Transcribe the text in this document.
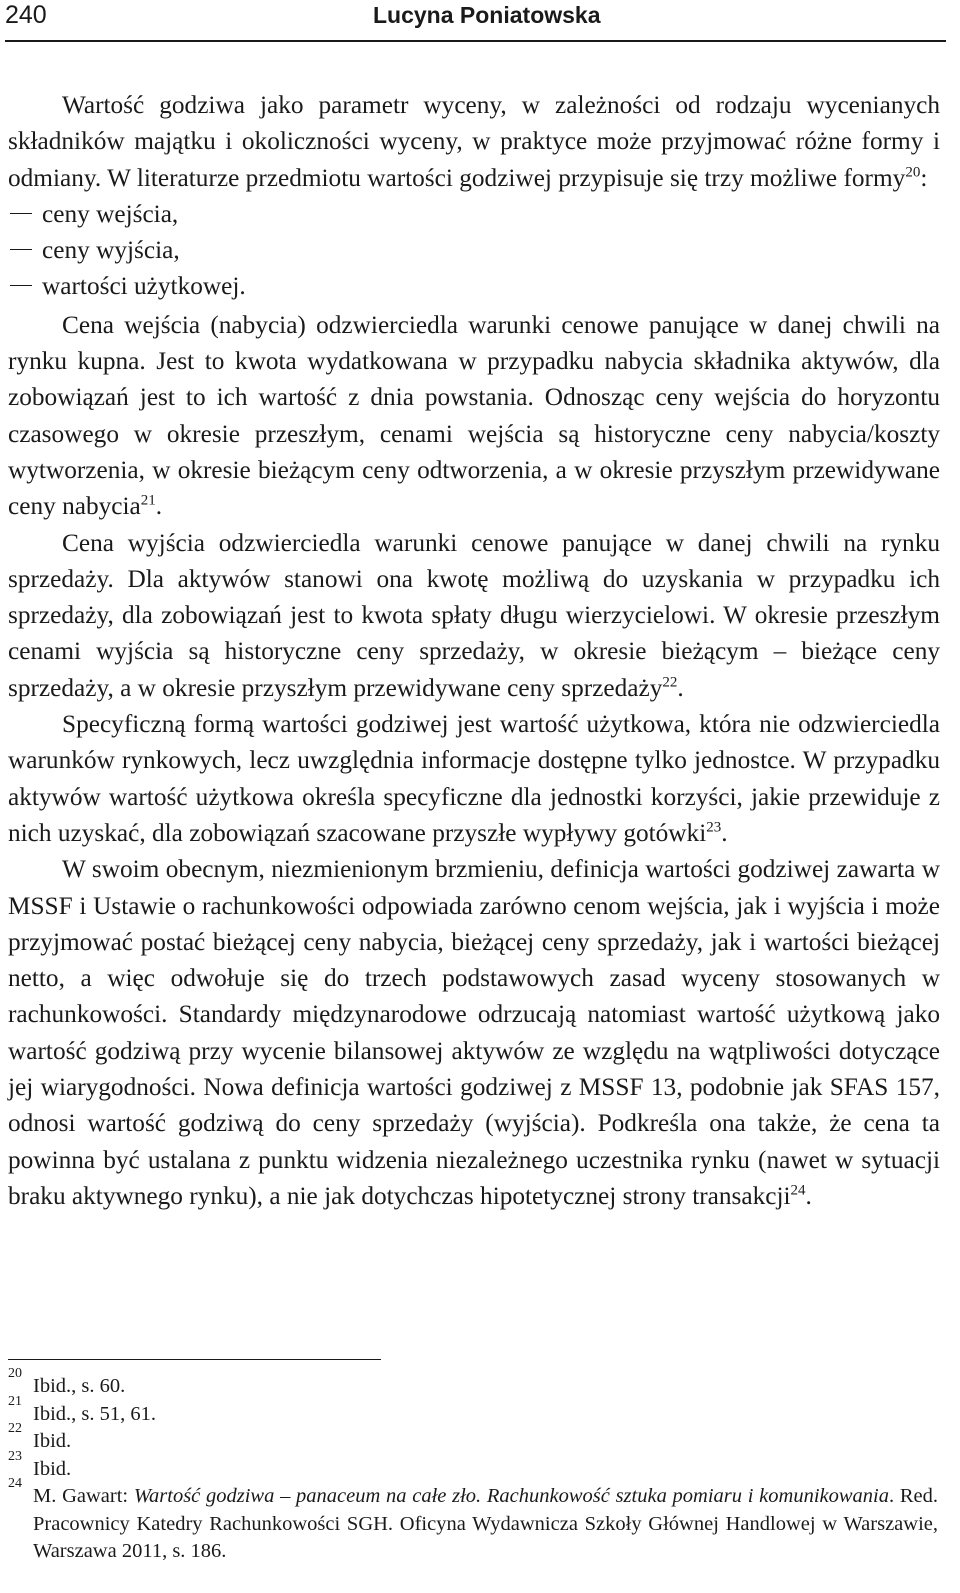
240	Lucyna Poniatowska

Wartość godziwa jako parametr wyceny, w zależności od rodzaju wycenianych składników majątku i okoliczności wyceny, w praktyce może przyjmować różne formy i odmiany. W literaturze przedmiotu wartości godziwej przypisuje się trzy możliwe formy$^{20}$:

ceny wejścia,
ceny wyjścia,
wartości użytkowej.

Cena wejścia (nabycia) odzwierciedla warunki cenowe panujące w danej chwili na rynku kupna. Jest to kwota wydatkowana w przypadku nabycia składnika aktywów, dla zobowiązań jest to ich wartość z dnia powstania. Odnosząc ceny wejścia do horyzontu czasowego w okresie przeszłym, cenami wejścia są historyczne ceny nabycia/koszty wytworzenia, w okresie bieżącym ceny odtworzenia, a w okresie przyszłym przewidywane ceny nabycia$^{21}$.

Cena wyjścia odzwierciedla warunki cenowe panujące w danej chwili na rynku sprzedaży. Dla aktywów stanowi ona kwotę możliwą do uzyskania w przypadku ich sprzedaży, dla zobowiązań jest to kwota spłaty długu wierzycielowi. W okresie przeszłym cenami wyjścia są historyczne ceny sprzedaży, w okresie bieżącym – bieżące ceny sprzedaży, a w okresie przyszłym przewidywane ceny sprzedaży$^{22}$.

Specyficzną formą wartości godziwej jest wartość użytkowa, która nie odzwierciedla warunków rynkowych, lecz uwzględnia informacje dostępne tylko jednostce. W przypadku aktywów wartość użytkowa określa specyficzne dla jednostki korzyści, jakie przewiduje z nich uzyskać, dla zobowiązań szacowane przyszłe wypływy gotówki$^{23}$.

W swoim obecnym, niezmienionym brzmieniu, definicja wartości godziwej zawarta w MSSF i Ustawie o rachunkowości odpowiada zarówno cenom wejścia, jak i wyjścia i może przyjmować postać bieżącej ceny nabycia, bieżącej ceny sprzedaży, jak i wartości bieżącej netto, a więc odwołuje się do trzech podstawowych zasad wyceny stosowanych w rachunkowości. Standardy międzynarodowe odrzucają natomiast wartość użytkową jako wartość godziwą przy wycenie bilansowej aktywów ze względu na wątpliwości dotyczące jej wiarygodności. Nowa definicja wartości godziwej z MSSF 13, podobnie jak SFAS 157, odnosi wartość godziwą do ceny sprzedaży (wyjścia). Podkreśla ona także, że cena ta powinna być ustalana z punktu widzenia niezależnego uczestnika rynku (nawet w sytuacji braku aktywnego rynku), a nie jak dotychczas hipotetycznej strony transakcji$^{24}$.

20
Ibid., s. 60.
21
Ibid., s. 51, 61.
22
Ibid.
23
Ibid.
24
M. Gawart: Wartość godziwa – panaceum na całe zło. Rachunkowość sztuka pomiaru i komunikowania. Red. Pracownicy Katedry Rachunkowości SGH. Oficyna Wydawnicza Szkoły Głównej Handlowej w Warszawie, Warszawa 2011, s. 186.
